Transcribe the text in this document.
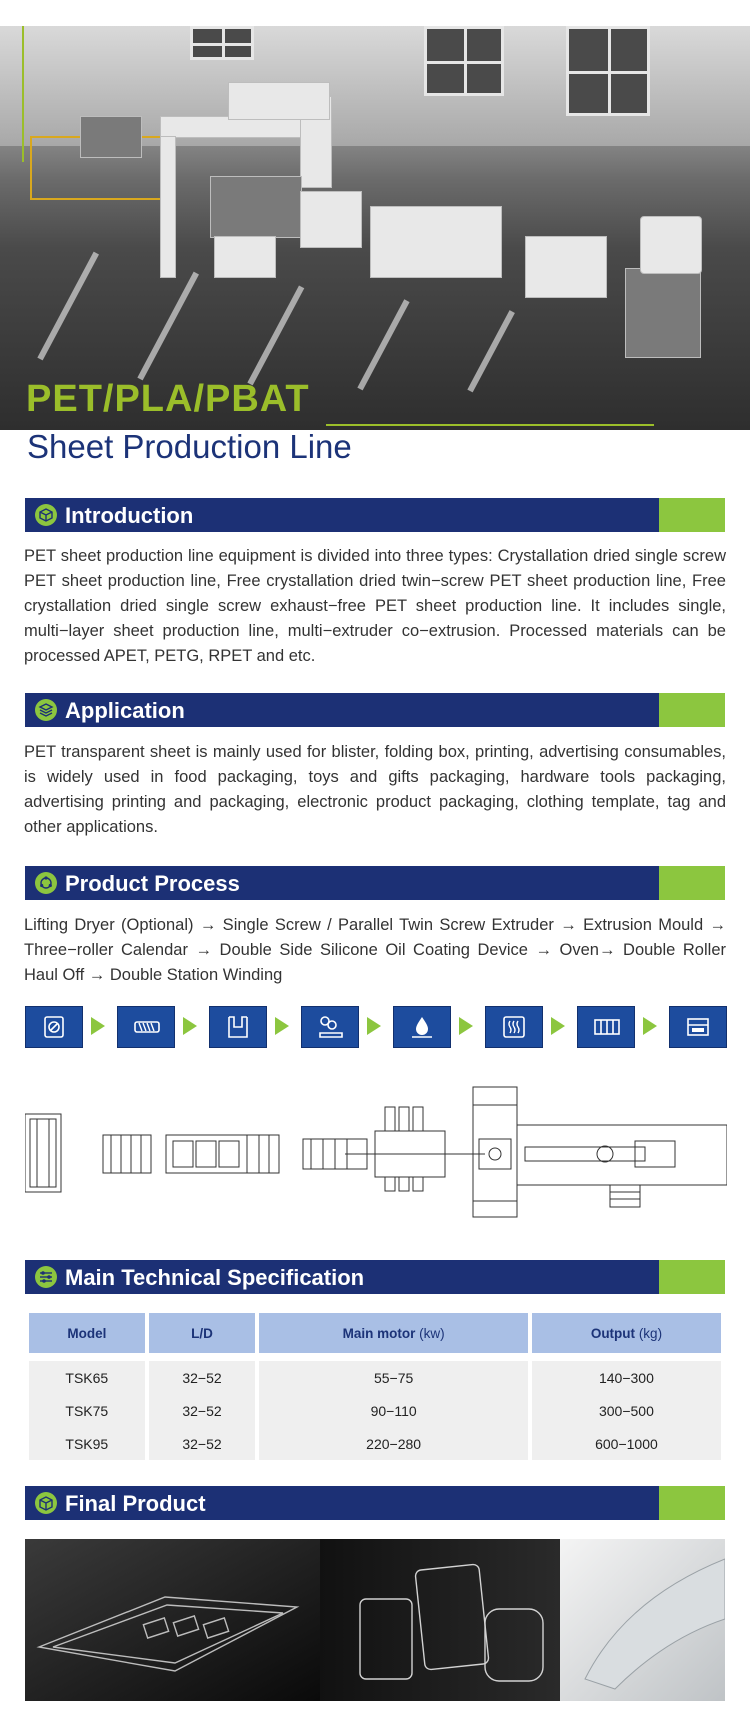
PET/PLA/PBAT
Sheet Production Line
Introduction
PET sheet production line equipment is divided into three types: Crystallation dried single screw PET sheet production line, Free crystallation dried twin−screw PET sheet production line, Free crystallation dried single screw exhaust−free PET sheet production line. It includes single, multi−layer sheet production line, multi−extruder co−extrusion. Processed materials can be processed APET, PETG, RPET and etc.
Application
PET transparent sheet is mainly used for blister, folding box, printing, advertising consumables, is widely used in food packaging, toys and gifts packaging, hardware tools packaging, advertising printing and packaging, electronic product packaging, clothing template, tag and other applications.
Product Process
Lifting Dryer (Optional) → Single Screw / Parallel Twin Screw Extruder → Extrusion Mould → Three−roller Calendar → Double Side Silicone Oil Coating Device → Oven→ Double Roller Haul Off → Double Station Winding
Main Technical Specification
Model	L/D	Main motor (kw)	Output (kg)

TSK65	32−52	55−75	140−300
TSK75	32−52	90−110	300−500
TSK95	32−52	220−280	600−1000
Final Product
